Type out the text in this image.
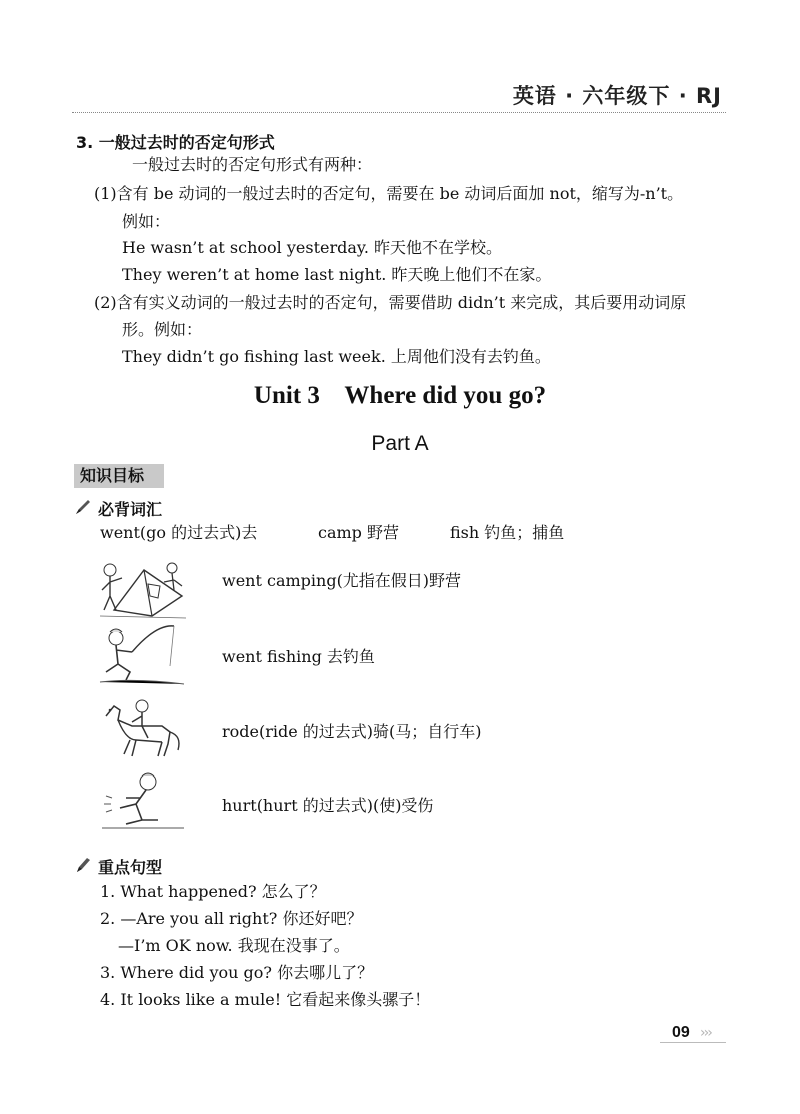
英语 · 六年级下 · RJ
3. 一般过去时的否定句形式
一般过去时的否定句形式有两种：
(1)含有 be 动词的一般过去时的否定句，需要在 be 动词后面加 not，缩写为-n’t。
例如：
He wasn’t at school yesterday. 昨天他不在学校。
They weren’t at home last night. 昨天晚上他们不在家。
(2)含有实义动词的一般过去时的否定句，需要借助 didn’t 来完成，其后要用动词原
形。例如：
They didn’t go fishing last week. 上周他们没有去钓鱼。
Unit 3    Where did you go?
Part A
知识目标
必背词汇
went(go 的过去式)去	camp 野营	fish 钓鱼；捕鱼
went camping(尤指在假日)野营
went fishing 去钓鱼
rode(ride 的过去式)骑(马；自行车)
hurt(hurt 的过去式)(使)受伤
重点句型
1. What happened? 怎么了？
2. —Are you all right? 你还好吧？
—I’m OK now. 我现在没事了。
3. Where did you go? 你去哪儿了？
4. It looks like a mule! 它看起来像头骡子！
09 ›››
